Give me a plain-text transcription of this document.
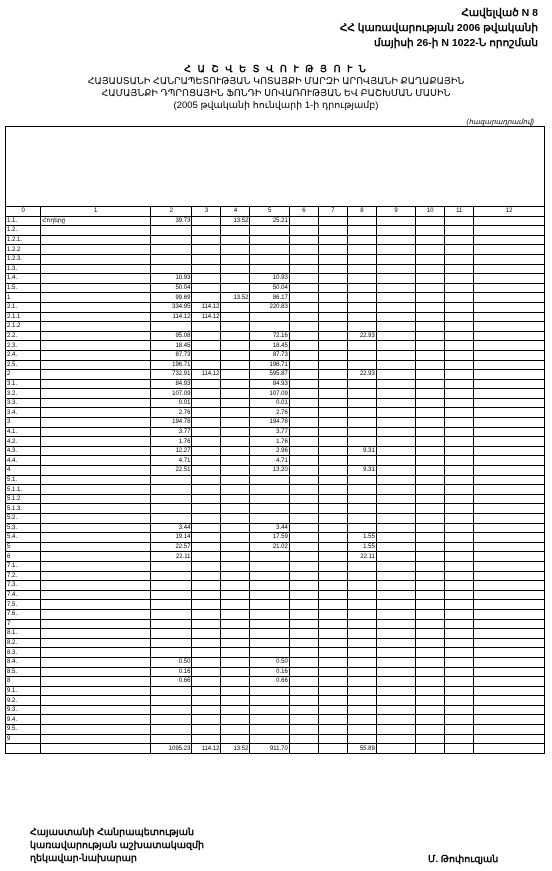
Հավելված N 8
ՀՀ կառավարության 2006 թվականի
մայիսի 26-ի N 1022-Ն որոշման
Հ Ա Շ Վ Ե Տ Վ Ո Ւ Թ Յ Ո Ւ Ն
ՀԱՅԱՍՏԱՆԻ ՀԱՆՐԱՊԵՏՈՒԹՅԱՆ ԿՈՏԱՅՔԻ ՄԱՐԶԻ ԱՐՈՎՅԱՆԻ ՔԱՂԱՔԱՅԻՆ
ՀԱՄԱՅՆՔԻ ԴՊՐՈՑԱՅԻՆ ՖՈՆԴԻ ՍՈՎԱՌՈՒԹՅԱՆ ԵՎ ԲԱՇԽՄԱՆ ՄԱՍԻՆ
(2005 թվականի հունվարի 1-ի դրությամբ)
(հազարադրամով)

0	1	2	3	4	5	6	7	8	9	10	11	12
1.1.	Հողերը	39.73		13.52	25.21							
1.2.												
1.2.1.												
1.2.2												
1.2.3.												
1.3.												
1.4.		10.93			10.93							
1.5.		50.04			50.04							
1		99.69		13.52	86.17							
2.1.		334.95	114.12		220.83							
2.1.1		114.12	114.12									
2.1.2												
2.2.		95.08			72.16			22.93				
2.3.		18.45			18.45							
2.4.		87.73			87.73							
2.5.		196.71			196.71							
2		732.91	114.12		595.87			22.93				
3.1.		84.93			84.93							
3.2.		107.09			107.09							
3.3.		0.01			0.01							
3.4.		2.76			2.76							
3		194.78			194.78							
4.1.		3.77			3.77							
4.2.		1.76			1.76							
4.3.		12.27			2.96			9.31				
4.4.		4.71			4.71							
4		22.51			13.20			9.31				
5.1.												
5.1.1.												
5.1.2												
5.1.3.												
5.2.												
5.3.		3.44			3.44							
5.4.		19.14			17.59			1.55				
5		22.57			21.02			1.55				
6		22.11						22.11				
7.1.												
7.2.												
7.3.												
7.4.												
7.5.												
7.6.												
7												
8.1.												
8.2.												
8.3.												
8.4.		0.50			0.50							
8.5.		0.16			0.16							
8		0.66			0.66							
9.1.												
9.2.												
9.3.												
9.4.												
9.5.												
9												
		1095.23	114.12	13.52	911.70			55.89				
Հայաստանի Հանրապետության
կառավարության աշխատակազմի
ղեկավար-նախարար	Մ. Թոփուզյան
